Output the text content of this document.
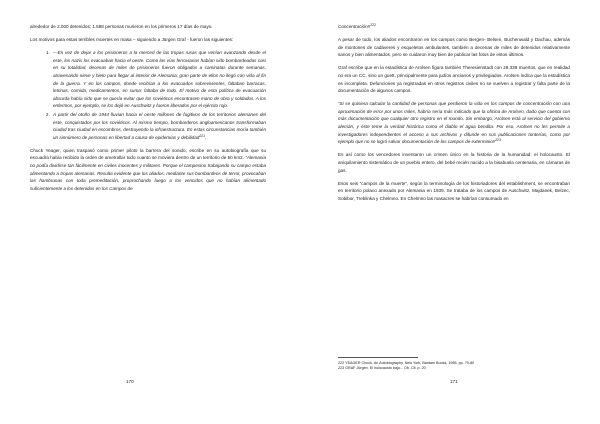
alrededor de 2.000 detenidos; 1.588 personas murieron en los primeros 17 días de mayo.

Los motivos para estas terribles muertes en masa – siguiendo a Jürgen Graf - fueron las siguientes:

1. —En vez de dejar a los prisioneros a la merced de las tropas rusas que venían avanzando desde el este, los nazis los evacuaban hacia el oeste. Como las vías ferroviarias habían sido bombardeadas casi en su totalidad, decenas de miles de prisioneros fueron obligados a caminatas durante semanas, atravesando nieve y hielo para llegar al interior de Alemania; gran parte de ellos no llegó con vida al fin de la guerra. Y en los campos, donde recibían a los evacuados sobrevivientes, faltaban barracas, letrinas, comida, medicamentos, en suma: faltaba de todo. El motivo de esta política de evacuación absurda había sido que se quería evitar que los soviéticos encontrasen mano de obra y soldados. A los enfermos, por ejemplo, se los dejó en Auschwitz y fueron liberados por el ejército rojo.
2. A partir del otoño de 1944 lluvian hacia el oeste millones de fugitivos de los territorios alemanes del este, conquistados por los soviéticos. Al mismo tiempo, bombarderos angloamericanos transformaban ciudad tras ciudad en escombros, destruyendo la infraestructura. En estas circunstancias moría también un sinnúmero de personas en libertad a causa de epidemias y debilidad$^{221}$.

Chuck Yeager, quien traspasó como primer piloto la barrera del sonido, escribe en su autobiografía que su escuadra había recibido la orden de ametrallar todo cuanto se moviera dentro de un territorio de 50 km2. “Alemania no podía dividirse tan fácilmente en civiles inocentes y militares. Porque el campesino trabajando su campo estaba alimentando a tropas alemanas. Resulta evidente que los aliados, mediante sus bombardeos de terror, provocaban las hambrunas con toda premeditación, proprochando luego a los vencidos que no habían alimentado suficientemente a los detenidos en los Campos de

170

Concentración!!$^{222}$

A pesar de todo, los aliados encontraron en los campos como Bergen- Belsen, Buchenwald y Dachau, además de montones de cadáveres y esqueletos ambulantes, también a decenas de miles de detenidos relativamente sanos y bien alimentados, pero se cuidaron muy bien de publicar las fotos de estos últimos.

Graf escribe que en la estadística de Arolsen figura también Theresienstadt con 29.339 muertos, que en realidad no era un CC, sino un guett, principalmente para judíos ancianos y privilegiados. Arolsen indica que la estadística es incompleta. Defunciones ya registradas en otros registros civiles no se vuelven a registrar y falta parte de la documentación de algunos campos.

“Si se quisiera calcular la cantidad de personas que perdieron la vida en los campos de concentración con una aproximación de error por unos miles, habría sería más indicado que la oficina de Arolsen, dado que cuenta con más documentación que cualquier otro registro en el mundo. Sin embargo, Arolsen está al servicio del gobierno alemán, y éste teme la verdad histórica como el diablo el agua bendita. Por eso, Arolsen no les permite a investigadores independientes el acceso a sus archivos y difunde en sus publicaciones tonterías, como por ejemplo que no se logró salvar documentación de los campos de exterminio!!$^{223}$

Es así como los vencedores inventaron un crimen único en la historia de la humanidad: el holocausto. El aniquilamiento sistemático de un pueblo entero, del bebé recién nacido a la bisabuela centenaria, en cámaras de gas.

Esos seis “campos de la muerte”, según la terminología de los historiadores del establishment, se encontraban en territorio polaco anexado por Alemania en 1939. Se trataba de los campos de Auschwitz, Majdanek, Belzec, Sobibor, Treblinka y Chelmno. En Chelmno las masacres se habrían consumado en

222 YEAGER Chuck. An Autobiography, New York, Bantam Books, 1985, pp. 79-80

223 GRAF Jürgen. El holocausto bajo... Ob. Cit. p. 20

171
